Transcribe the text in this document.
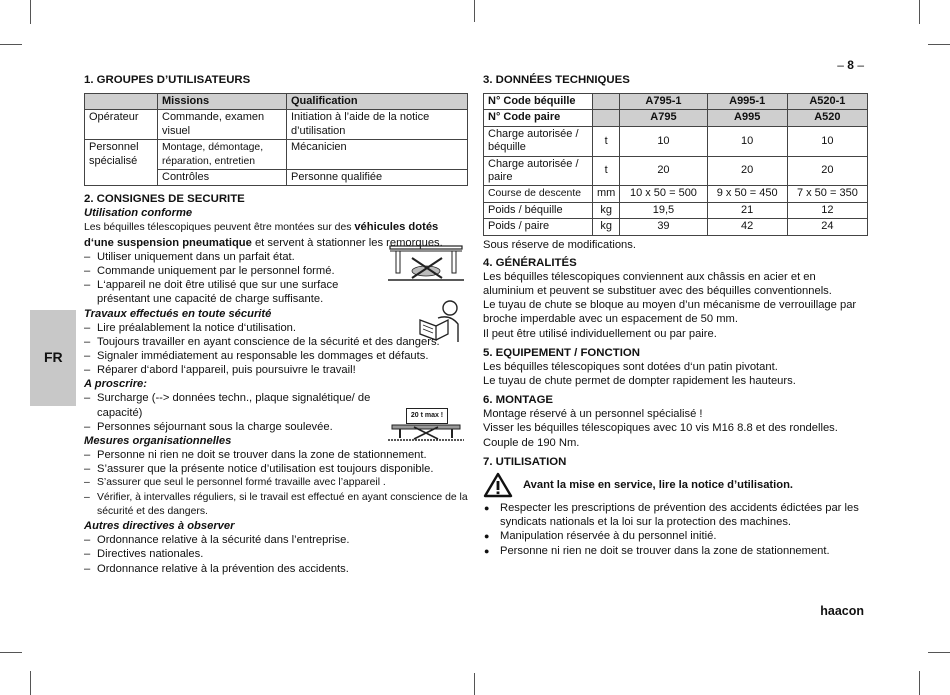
– 8 –
haacon
FR
1. GROUPES D’UTILISATEURS
	Missions	Qualification
Opérateur	Commande, examen visuel	Initiation à l’aide de la notice d’utilisation
Personnel spécialisé	Montage, démontage, réparation, entretien	Mécanicien
	Contrôles	Personne qualifiée
2. CONSIGNES DE SECURITE
Utilisation conforme

Les béquilles télescopiques peuvent être montées sur des véhicules dotés d‘une suspension pneumatique et servent à stationner les remorques.

– Utiliser uniquement dans un parfait état.
– Commande uniquement par le personnel formé.
– L‘appareil ne doit être utilisé que sur une surface présentant une capacité de charge suffisante.
Travaux effectués en toute sécurité
– Lire préalablement la notice d‘utilisation.
– Toujours travailler en ayant conscience de la sécurité et des dangers.
– Signaler immédiatement au responsable les dommages et défauts.
– Réparer d‘abord l‘appareil, puis poursuivre le travail!
A proscrire:
– Surcharge (--> données techn., plaque signalétique/ de capacité)
– Personnes séjournant sous la charge soulevée.
Mesures organisationnelles
– Personne ni rien ne doit se trouver dans la zone de stationnement.
– S’assurer que la présente notice d’utilisation est toujours disponible.
– S’assurer que seul le personnel formé travaille avec l’appareil .
– Vérifier, à intervalles réguliers, si le travail est effectué en ayant conscience de la sécurité et des dangers.
Autres directives à observer
– Ordonnance relative à la sécurité dans l’entreprise.
– Directives nationales.
– Ordonnance relative à la prévention des accidents.
20 t max !
3. DONNÉES TECHNIQUES
N° Code béquille		A795-1	A995-1	A520-1
N° Code paire		A795	A995	A520
Charge autorisée / béquille	t	10	10	10
Charge autorisée / paire	t	20	20	20
Course de descente	mm	10 x 50 = 500	9 x 50 = 450	7 x 50 = 350
Poids / béquille	kg	19,5	21	12
Poids / paire	kg	39	42	24

Sous réserve de modifications.

4. GÉNÉRALITÉS

Les béquilles télescopiques conviennent aux châssis en acier et en aluminium et peuvent se substituer avec des béquilles conventionnels.

Le tuyau de chute se bloque au moyen d’un mécanisme de verrouillage par broche imperdable avec un espacement de 50 mm.

Il peut être utilisé individuellement ou par paire.

5. EQUIPEMENT / FONCTION

Les béquilles télescopiques sont dotées d‘un patin pivotant.

Le tuyau de chute permet de dompter rapidement les hauteurs.

6. MONTAGE

Montage réservé à un personnel spécialisé !

Visser les béquilles télescopiques avec 10 vis M16 8.8 et des rondelles.

Couple de 190 Nm.

7. UTILISATION
Avant la mise en service, lire la notice d’utilisation.
● Respecter les prescriptions de prévention des accidents édictées par les syndicats nationals et la loi sur la protection des machines.
● Manipulation réservée à du personnel initié.
● Personne ni rien ne doit se trouver dans la zone de stationnement.
